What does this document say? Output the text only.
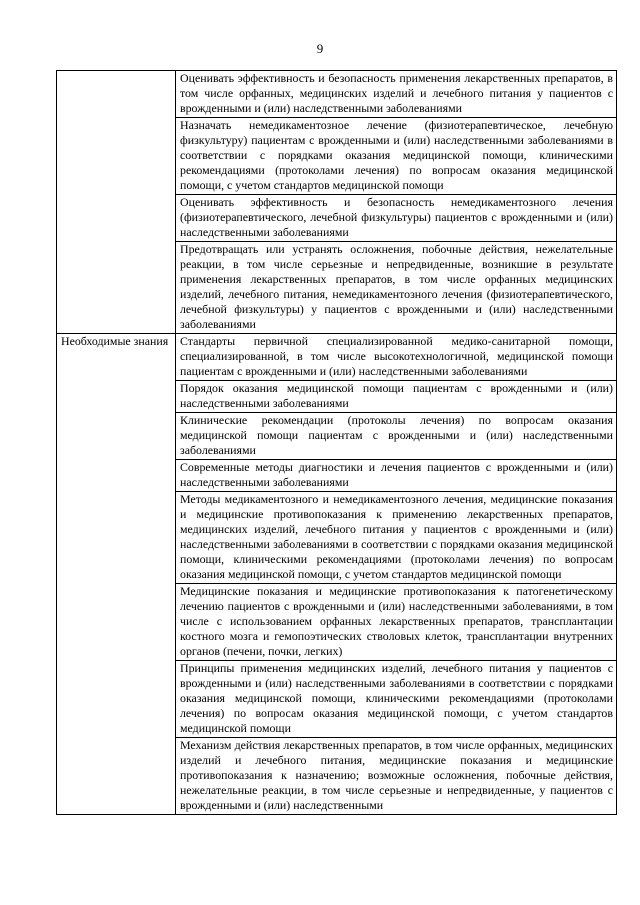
9
	Оценивать эффективность и безопасность применения лекарственных препаратов, в том числе орфанных, медицинских изделий и лечебного питания у пациентов с врожденными и (или) наследственными заболеваниями
	Назначать немедикаментозное лечение (физиотерапевтическое, лечебную физкультуру) пациентам с врожденными и (или) наследственными заболеваниями в соответствии с порядками оказания медицинской помощи, клиническими рекомендациями (протоколами лечения) по вопросам оказания медицинской помощи, с учетом стандартов медицинской помощи
	Оценивать эффективность и безопасность немедикаментозного лечения (физиотерапевтического, лечебной физкультуры) пациентов с врожденными и (или) наследственными заболеваниями
	Предотвращать или устранять осложнения, побочные действия, нежелательные реакции, в том числе серьезные и непредвиденные, возникшие в результате применения лекарственных препаратов, в том числе орфанных медицинских изделий, лечебного питания, немедикаментозного лечения (физиотерапевтического, лечебной физкультуры) у пациентов с врожденными и (или) наследственными заболеваниями
Необходимые знания	Стандарты первичной специализированной медико-санитарной помощи, специализированной, в том числе высокотехнологичной, медицинской помощи пациентам с врожденными и (или) наследственными заболеваниями
	Порядок оказания медицинской помощи пациентам с врожденными и (или) наследственными заболеваниями
	Клинические рекомендации (протоколы лечения) по вопросам оказания медицинской помощи пациентам с врожденными и (или) наследственными заболеваниями
	Современные методы диагностики и лечения пациентов с врожденными и (или) наследственными заболеваниями
	Методы медикаментозного и немедикаментозного лечения, медицинские показания и медицинские противопоказания к применению лекарственных препаратов, медицинских изделий, лечебного питания у пациентов с врожденными и (или) наследственными заболеваниями в соответствии с порядками оказания медицинской помощи, клиническими рекомендациями (протоколами лечения) по вопросам оказания медицинской помощи, с учетом стандартов медицинской помощи
	Медицинские показания и медицинские противопоказания к патогенетическому лечению пациентов с врожденными и (или) наследственными заболеваниями, в том числе с использованием орфанных лекарственных препаратов, трансплантации костного мозга и гемопоэтических стволовых клеток, трансплантации внутренних органов (печени, почки, легких)
	Принципы применения медицинских изделий, лечебного питания у пациентов с врожденными и (или) наследственными заболеваниями в соответствии с порядками оказания медицинской помощи, клиническими рекомендациями (протоколами лечения) по вопросам оказания медицинской помощи, с учетом стандартов медицинской помощи
	Механизм действия лекарственных препаратов, в том числе орфанных, медицинских изделий и лечебного питания, медицинские показания и медицинские противопоказания к назначению; возможные осложнения, побочные действия, нежелательные реакции, в том числе серьезные и непредвиденные, у пациентов с врожденными и (или) наследственными
